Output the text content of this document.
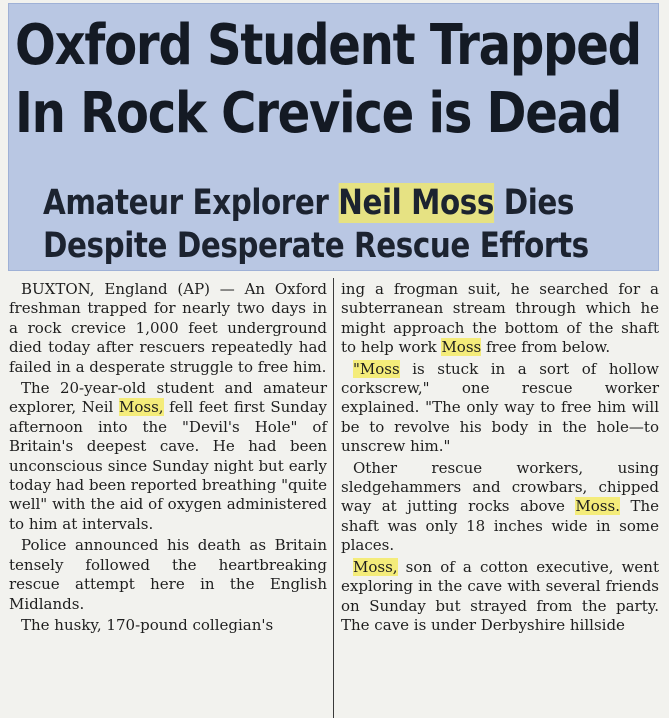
Oxford Student Trapped
In Rock Crevice is Dead
Amateur Explorer Neil Moss Dies
Despite Desperate Rescue Efforts

BUXTON, England (AP) — An Oxford freshman trapped for nearly two days in a rock crevice 1,000 feet underground died today after rescuers repeatedly had failed in a desperate struggle to free him.

The 20-year-old student and amateur explorer, Neil Moss, fell feet first Sunday afternoon into the "Devil's Hole" of Britain's deepest cave. He had been unconscious since Sunday night but early today had been reported breathing "quite well" with the aid of oxygen administered to him at intervals.

Police announced his death as Britain tensely followed the heartbreaking rescue attempt here in the English Midlands.

The husky, 170-pound collegian's

ing a frogman suit, he searched for a subterranean stream through which he might approach the bottom of the shaft to help work Moss free from below.

"Moss is stuck in a sort of hollow corkscrew," one rescue worker explained. "The only way to free him will be to revolve his body in the hole—to unscrew him."

Other rescue workers, using sledgehammers and crowbars, chipped way at jutting rocks above Moss. The shaft was only 18 inches wide in some places.

Moss, son of a cotton executive, went exploring in the cave with several friends on Sunday but strayed from the party. The cave is under Derbyshire hillside
